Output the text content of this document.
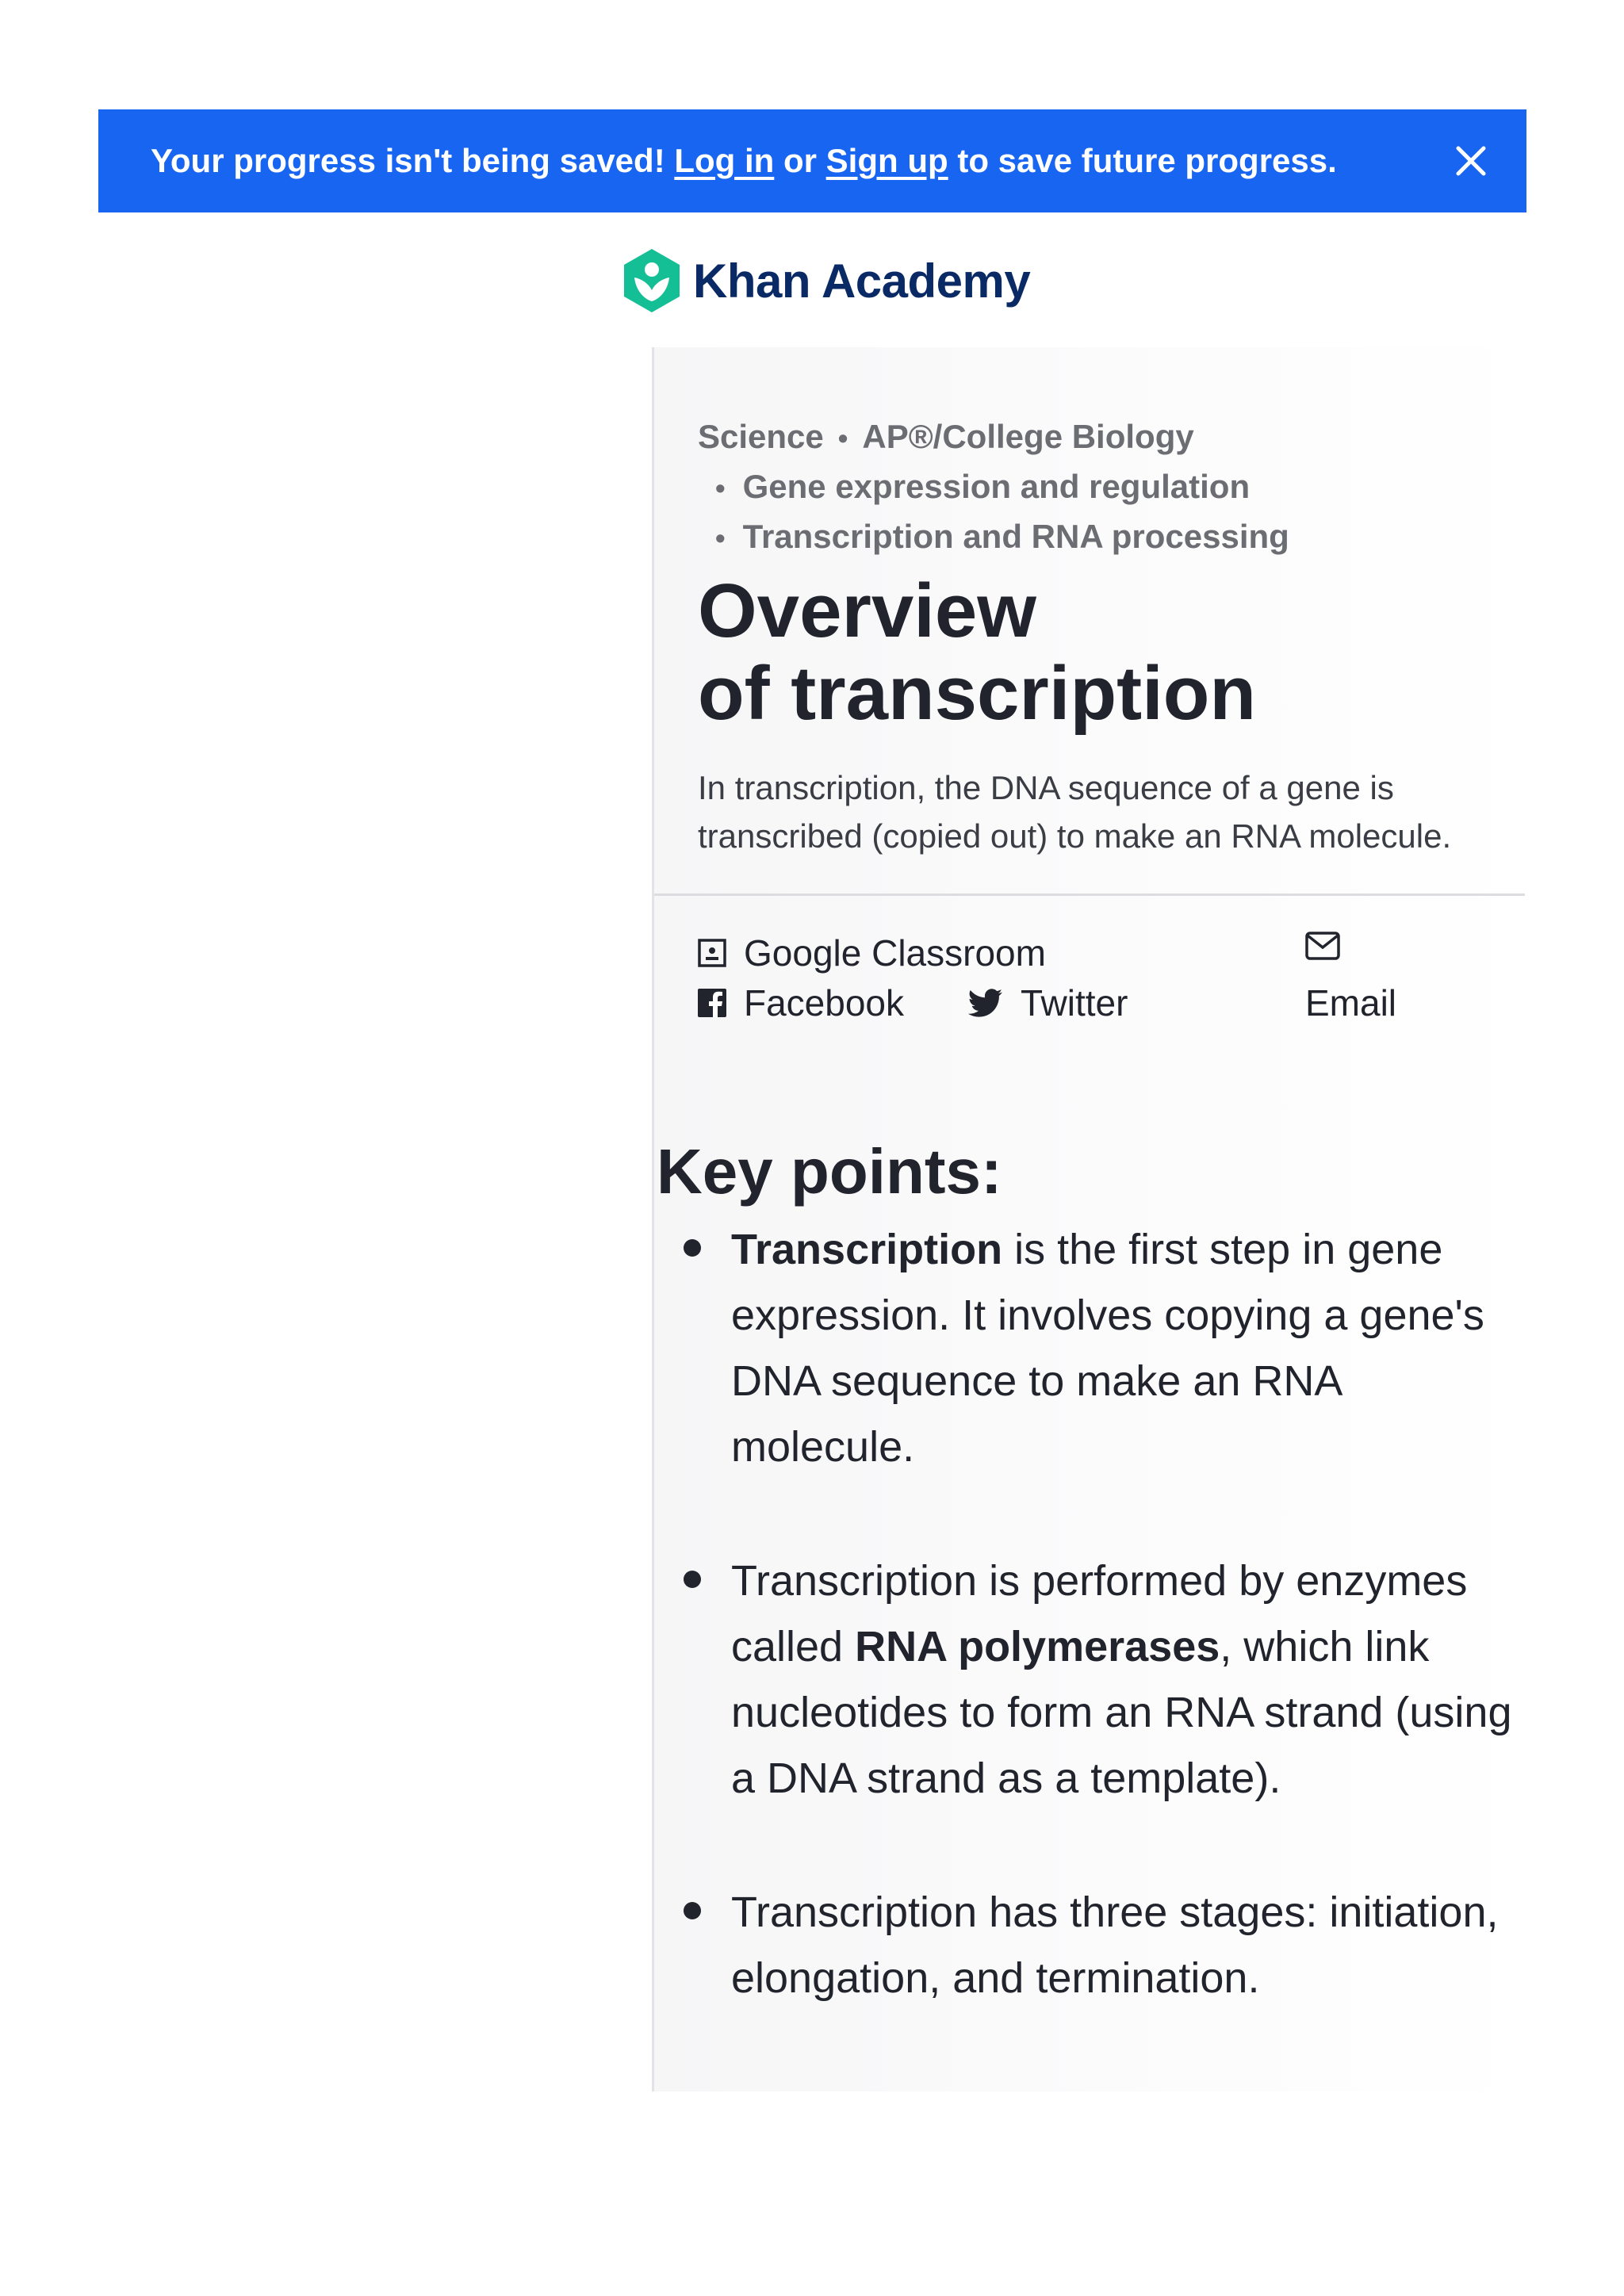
Your progress isn't being saved!
Log in
or
Sign up
to save future progress.
Khan Academy
Science • AP®/College Biology
• Gene expression and regulation
• Transcription and RNA processing
Overview
of transcription
In transcription, the DNA sequence of a gene is
transcribed (copied out) to make an RNA molecule.
Google Classroom
Facebook	Twitter	Email
Key points:

Transcription is the first step in gene
expression. It involves copying a gene's
DNA sequence to make an RNA
molecule.

Transcription is performed by enzymes
called RNA polymerases, which link
nucleotides to form an RNA strand (using
a DNA strand as a template).

Transcription has three stages: initiation,
elongation, and termination.
